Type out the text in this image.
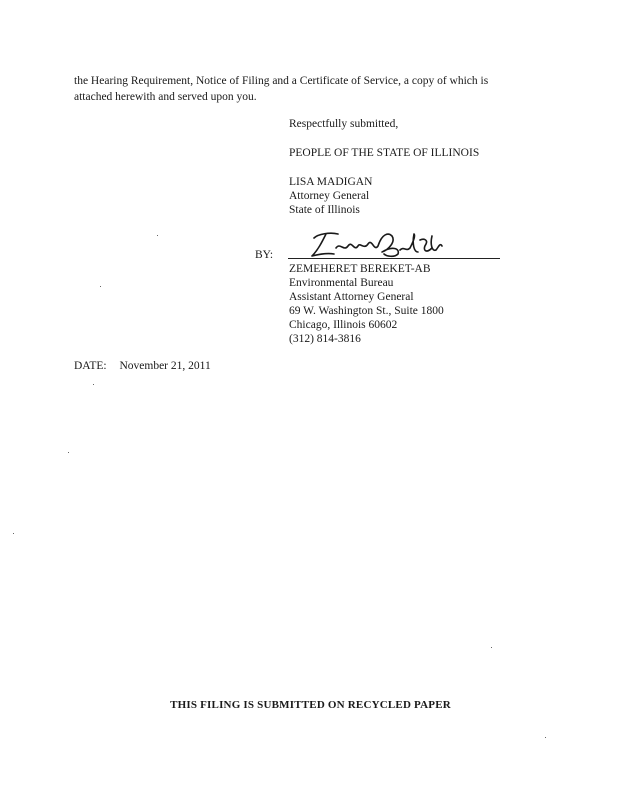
the Hearing Requirement, Notice of Filing and a Certificate of Service, a copy of which is
attached herewith and served upon you.
Respectfully submitted,
PEOPLE OF THE STATE OF ILLINOIS
LISA MADIGAN
Attorney General
State of Illinois
BY:
ZEMEHERET BEREKET-AB
Environmental Bureau
Assistant Attorney General
69 W. Washington St., Suite 1800
Chicago, Illinois 60602
(312) 814-3816
DATE: November 21, 2011
THIS FILING IS SUBMITTED ON RECYCLED PAPER
